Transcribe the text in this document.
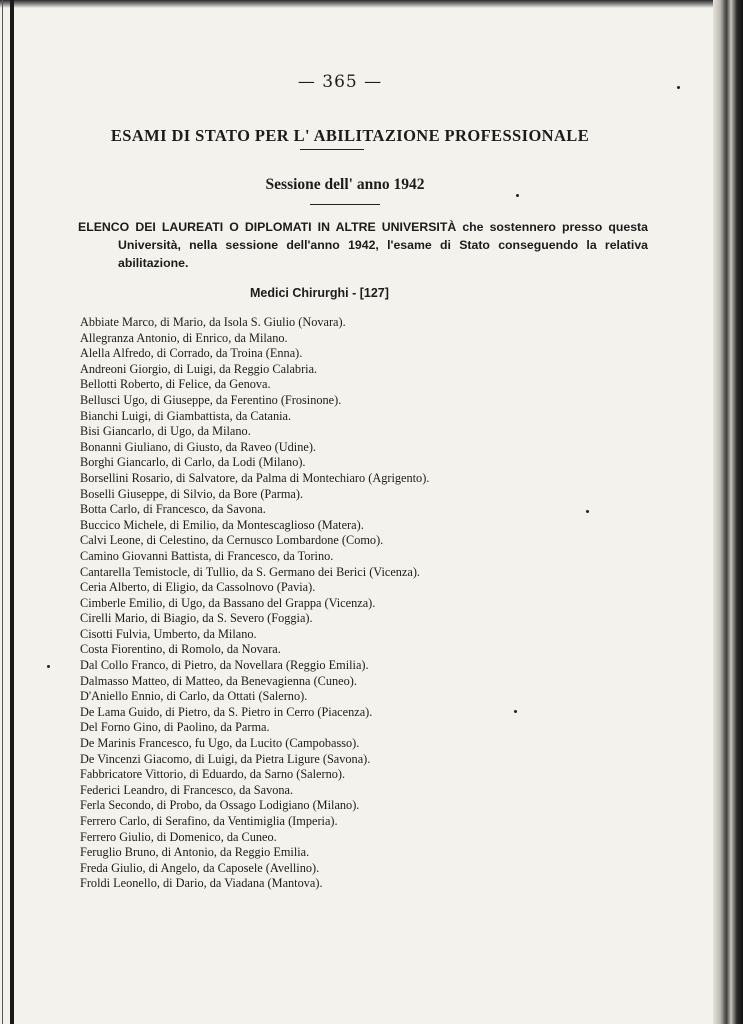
— 365 —
ESAMI DI STATO PER L' ABILITAZIONE PROFESSIONALE
Sessione dell' anno 1942
ELENCO DEI LAUREATI O DIPLOMATI IN ALTRE UNIVERSITÀ che sostennero presso questa Università, nella sessione dell'anno 1942, l'esame di Stato conseguendo la relativa abilitazione.
Medici Chirurghi - [127]
Abbiate Marco, di Mario, da Isola S. Giulio (Novara).
Allegranza Antonio, di Enrico, da Milano.
Alella Alfredo, di Corrado, da Troina (Enna).
Andreoni Giorgio, di Luigi, da Reggio Calabria.
Bellotti Roberto, di Felice, da Genova.
Bellusci Ugo, di Giuseppe, da Ferentino (Frosinone).
Bianchi Luigi, di Giambattista, da Catania.
Bisi Giancarlo, di Ugo, da Milano.
Bonanni Giuliano, di Giusto, da Raveo (Udine).
Borghi Giancarlo, di Carlo, da Lodi (Milano).
Borsellini Rosario, di Salvatore, da Palma di Montechiaro (Agrigento).
Boselli Giuseppe, di Silvio, da Bore (Parma).
Botta Carlo, di Francesco, da Savona.
Buccico Michele, di Emilio, da Montescaglioso (Matera).
Calvi Leone, di Celestino, da Cernusco Lombardone (Como).
Camino Giovanni Battista, di Francesco, da Torino.
Cantarella Temistocle, di Tullio, da S. Germano dei Berici (Vicenza).
Ceria Alberto, di Eligio, da Cassolnovo (Pavia).
Cimberle Emilio, di Ugo, da Bassano del Grappa (Vicenza).
Cirelli Mario, di Biagio, da S. Severo (Foggia).
Cisotti Fulvia, Umberto, da Milano.
Costa Fiorentino, di Romolo, da Novara.
Dal Collo Franco, di Pietro, da Novellara (Reggio Emilia).
Dalmasso Matteo, di Matteo, da Benevagienna (Cuneo).
D'Aniello Ennio, di Carlo, da Ottati (Salerno).
De Lama Guido, di Pietro, da S. Pietro in Cerro (Piacenza).
Del Forno Gino, di Paolino, da Parma.
De Marinis Francesco, fu Ugo, da Lucito (Campobasso).
De Vincenzi Giacomo, di Luigi, da Pietra Ligure (Savona).
Fabbricatore Vittorio, di Eduardo, da Sarno (Salerno).
Federici Leandro, di Francesco, da Savona.
Ferla Secondo, di Probo, da Ossago Lodigiano (Milano).
Ferrero Carlo, di Serafino, da Ventimiglia (Imperia).
Ferrero Giulio, di Domenico, da Cuneo.
Feruglio Bruno, di Antonio, da Reggio Emilia.
Freda Giulio, di Angelo, da Caposele (Avellino).
Froldi Leonello, di Dario, da Viadana (Mantova).
